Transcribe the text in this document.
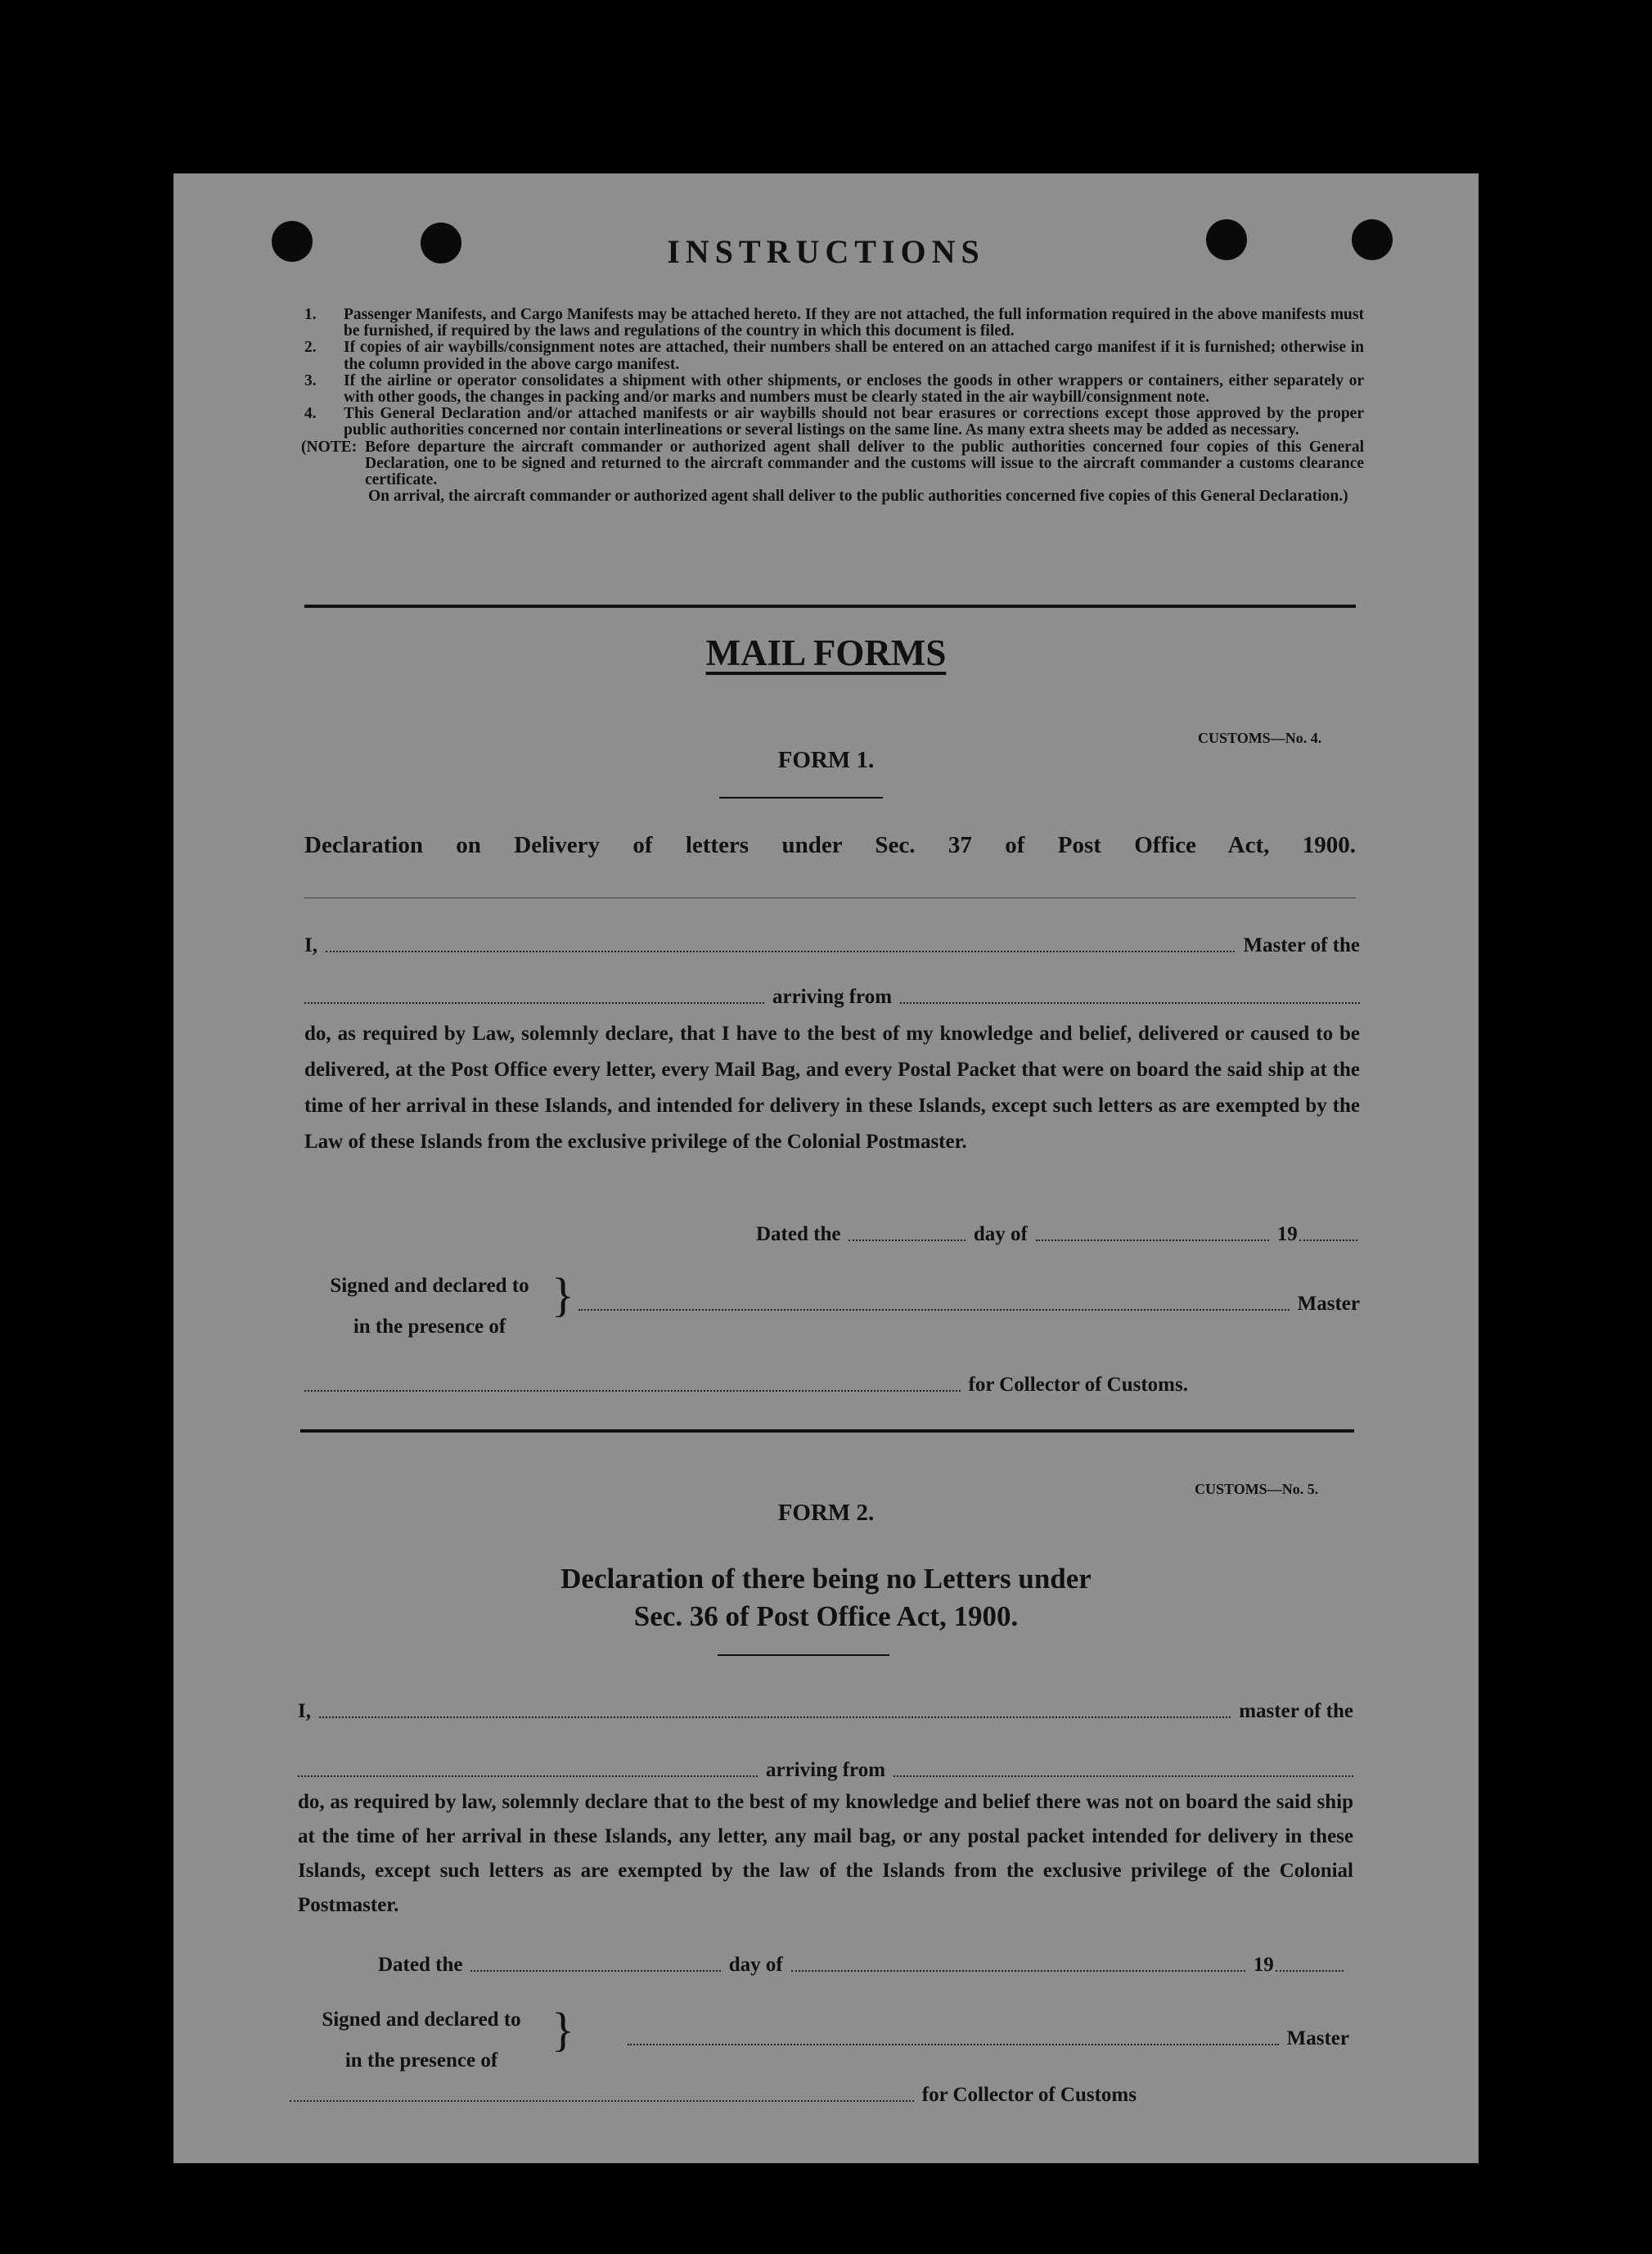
INSTRUCTIONS
1.	Passenger Manifests, and Cargo Manifests may be attached hereto. If they are not attached, the full information required in the above manifests must be furnished, if required by the laws and regulations of the country in which this document is filed.
2.	If copies of air waybills/consignment notes are attached, their numbers shall be entered on an attached cargo manifest if it is furnished; otherwise in the column provided in the above cargo manifest.
3.	If the airline or operator consolidates a shipment with other shipments, or encloses the goods in other wrappers or containers, either separately or with other goods, the changes in packing and/or marks and numbers must be clearly stated in the air waybill/consignment note.
4.	This General Declaration and/or attached manifests or air waybills should not bear erasures or corrections except those approved by the proper public authorities concerned nor contain interlineations or several listings on the same line. As many extra sheets may be added as necessary.
(NOTE: Before departure the aircraft commander or authorized agent shall deliver to the public authorities concerned four copies of this General Declaration, one to be signed and returned to the aircraft commander and the customs will issue to the aircraft commander a customs clearance certificate.
On arrival, the aircraft commander or authorized agent shall deliver to the public authorities concerned five copies of this General Declaration.)
MAIL FORMS
CUSTOMS—No. 4.
FORM 1.
Declaration on Delivery of letters under Sec. 37 of Post Office Act, 1900.
I,	Master of the
arriving from
do, as required by Law, solemnly declare, that I have to the best of my knowledge and belief, delivered or caused to be delivered, at the Post Office every letter, every Mail Bag, and every Postal Packet that were on board the said ship at the time of her arrival in these Islands, and intended for delivery in these Islands, except such letters as are exempted by the Law of these Islands from the exclusive privilege of the Colonial Postmaster.
Dated the	day of	19
Signed and declared to
in the presence of
}	Master
for Collector of Customs.
CUSTOMS—No. 5.
FORM 2.
Declaration of there being no Letters under
Sec. 36 of Post Office Act, 1900.
I,	master of the
arriving from
do, as required by law, solemnly declare that to the best of my knowledge and belief there was not on board the said ship at the time of her arrival in these Islands, any letter, any mail bag, or any postal packet intended for delivery in these Islands, except such letters as are exempted by the law of the Islands from the exclusive privilege of the Colonial Postmaster.
Dated the	day of	19
Signed and declared to
in the presence of
}	Master
for Collector of Customs
